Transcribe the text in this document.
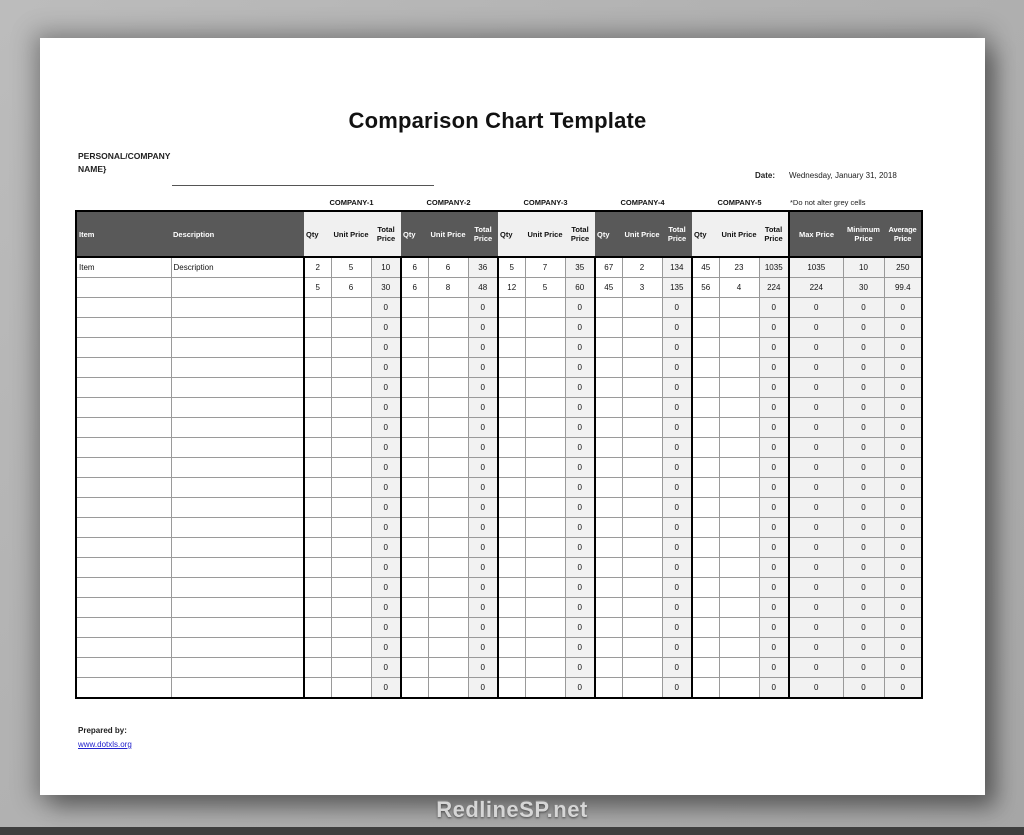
Comparison Chart Template
PERSONAL/COMPANY NAME}
Date: Wednesday, January 31, 2018
COMPANY-1	COMPANY-2	COMPANY-3	COMPANY-4	COMPANY-5	*Do not alter grey cells
Item	Description	Qty	Unit Price	Total Price	Qty	Unit Price	Total Price	Qty	Unit Price	Total Price	Qty	Unit Price	Total Price	Qty	Unit Price	Total Price	Max Price	Minimum Price	Average Price
Item	Description	2	5	10	6	6	36	5	7	35	67	2	134	45	23	1035	1035	10	250
		5	6	30	6	8	48	12	5	60	45	3	135	56	4	224	224	30	99.4
				0			0			0			0			0	0	0	0
				0			0			0			0			0	0	0	0
				0			0			0			0			0	0	0	0
				0			0			0			0			0	0	0	0
				0			0			0			0			0	0	0	0
				0			0			0			0			0	0	0	0
				0			0			0			0			0	0	0	0
				0			0			0			0			0	0	0	0
				0			0			0			0			0	0	0	0
				0			0			0			0			0	0	0	0
				0			0			0			0			0	0	0	0
				0			0			0			0			0	0	0	0
				0			0			0			0			0	0	0	0
				0			0			0			0			0	0	0	0
				0			0			0			0			0	0	0	0
				0			0			0			0			0	0	0	0
				0			0			0			0			0	0	0	0
				0			0			0			0			0	0	0	0
				0			0			0			0			0	0	0	0
				0			0			0			0			0	0	0	0
Prepared by:
www.dotxls.org
RedlineSP.net
